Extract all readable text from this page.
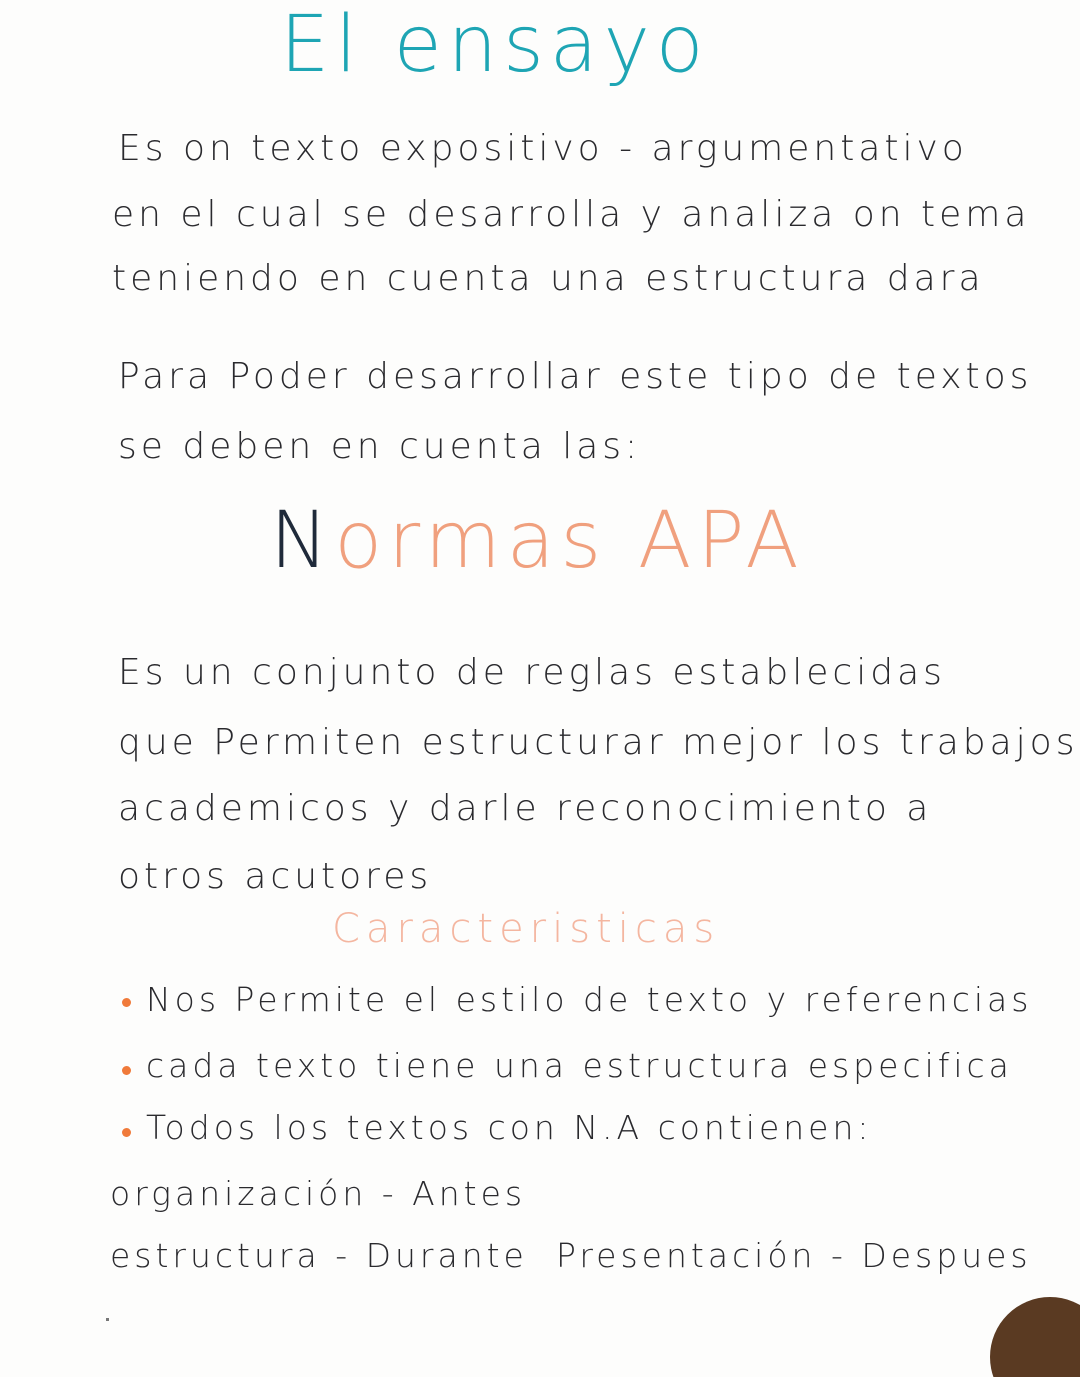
El ensayo
Es on texto expositivo - argumentativo
en el cual se desarrolla y analiza on tema
teniendo en cuenta una estructura dara
Para Poder desarrollar este tipo de textos
se deben en cuenta las:
Normas APA
Es un conjunto de reglas establecidas
que Permiten estructurar mejor los trabajos
academicos y darle reconocimiento a
otros acutores
Caracteristicas
Nos Permite el estilo de texto y referencias
cada texto tiene una estructura especifica
Todos los textos con N.A contienen:
organización - Antes
estructura - Durante Presentación - Despues
